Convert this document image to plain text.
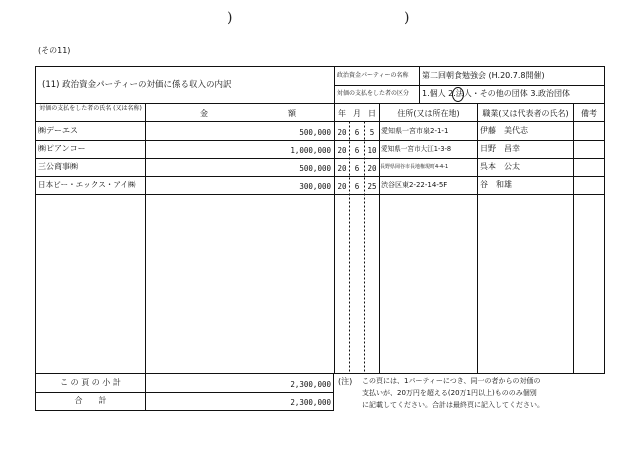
)	)
(その11)
(11) 政治資金パーティーの対価に係る収入の内訳
政治資金パーティーの名称 第二回朝食勉強会 (H.20.7.8開催)
対価の支払をした者の区分 1.個人 2.法人・その他の団体 3.政治団体
対価の支払をした者の氏名 (又は名称)
金	額	年 月 日	住所(又は所在地)	職業(又は代表者の氏名)	備考
㈱デーエス	500,000 20	6	5 愛知県一宮市泉2-1-1	伊藤　美代志
㈱ピアンコー	1,000,000 20	6	10 愛知県一宮市大江1-3-8	日野　昌幸
三公商事㈱	500,000 20	6	20 長野県岡谷市長地権現町4-4-1	呉本　公太
日本ビー・エックス・アイ㈱	300,000 20	6	25 渋谷区東2-22-14-5F	谷　和雄
こ の 頁 の 小 計	2,300,000
合　　計	2,300,000
(注) この頁には、1パーティーにつき、同一の者からの対価の
支払いが、20万円を超える(20万1円以上)もののみ個別
に記載してください。合計は最終頁に記入してください。
